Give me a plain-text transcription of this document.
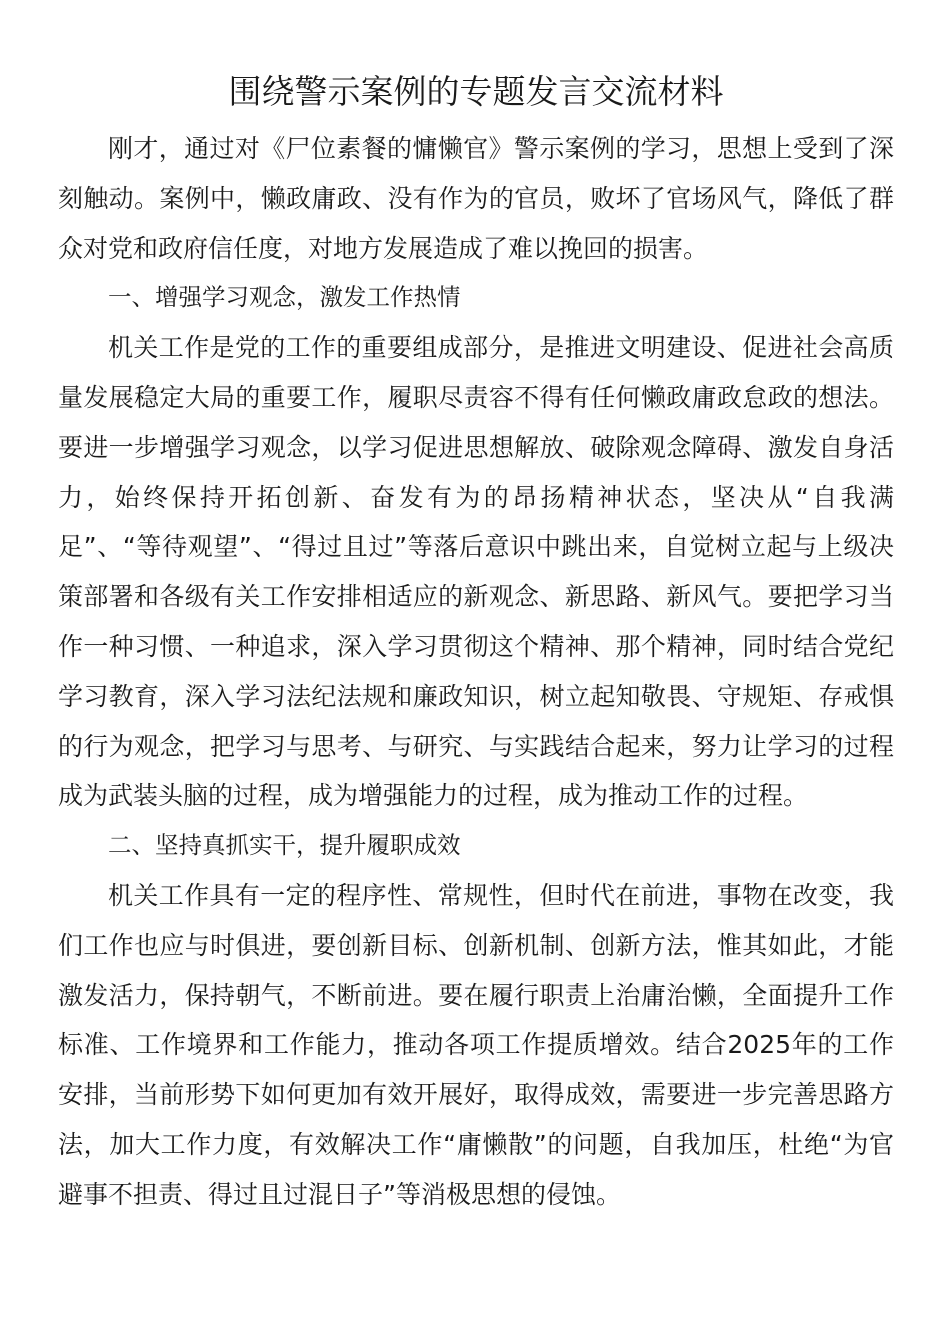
围绕警示案例的专题发言交流材料

刚才，通过对《尸位素餐的慵懒官》警示案例的学习，思想上受到了深刻触动。案例中，懒政庸政、没有作为的官员，败坏了官场风气，降低了群众对党和政府信任度，对地方发展造成了难以挽回的损害。

一、增强学习观念，激发工作热情

机关工作是党的工作的重要组成部分，是推进文明建设、促进社会高质量发展稳定大局的重要工作，履职尽责容不得有任何懒政庸政怠政的想法。要进一步增强学习观念，以学习促进思想解放、破除观念障碍、激发自身活力，始终保持开拓创新、奋发有为的昂扬精神状态，坚决从“自我满足”、“等待观望”、“得过且过”等落后意识中跳出来，自觉树立起与上级决策部署和各级有关工作安排相适应的新观念、新思路、新风气。要把学习当作一种习惯、一种追求，深入学习贯彻这个精神、那个精神，同时结合党纪学习教育，深入学习法纪法规和廉政知识，树立起知敬畏、守规矩、存戒惧的行为观念，把学习与思考、与研究、与实践结合起来，努力让学习的过程成为武装头脑的过程，成为增强能力的过程，成为推动工作的过程。

二、坚持真抓实干，提升履职成效

机关工作具有一定的程序性、常规性，但时代在前进，事物在改变，我们工作也应与时俱进，要创新目标、创新机制、创新方法，惟其如此，才能激发活力，保持朝气，不断前进。要在履行职责上治庸治懒，全面提升工作标准、工作境界和工作能力，推动各项工作提质增效。结合2025年的工作安排，当前形势下如何更加有效开展好，取得成效，需要进一步完善思路方法，加大工作力度，有效解决工作“庸懒散”的问题，自我加压，杜绝“为官避事不担责、得过且过混日子”等消极思想的侵蚀。
